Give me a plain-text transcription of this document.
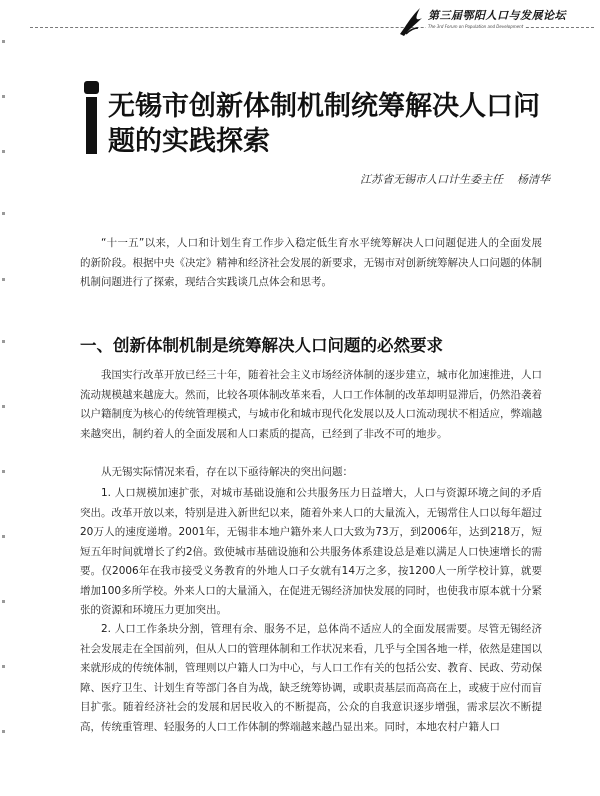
第三届鄂阳人口与发展论坛
The 3rd Forum on Population and Development
无锡市创新体制机制统筹解决人口问题的实践探索
江苏省无锡市人口计生委主任 杨清华

“十一五”以来，人口和计划生育工作步入稳定低生育水平统筹解决人口问题促进人的全面发展的新阶段。根据中央《决定》精神和经济社会发展的新要求，无锡市对创新统筹解决人口问题的体制机制问题进行了探索，现结合实践谈几点体会和思考。

一、创新体制机制是统筹解决人口问题的必然要求

我国实行改革开放已经三十年，随着社会主义市场经济体制的逐步建立，城市化加速推进，人口流动规模越来越庞大。然而，比较各项体制改革来看，人口工作体制的改革却明显滞后，仍然沿袭着以户籍制度为核心的传统管理模式，与城市化和城市现代化发展以及人口流动现状不相适应，弊端越来越突出，制约着人的全面发展和人口素质的提高，已经到了非改不可的地步。

从无锡实际情况来看，存在以下亟待解决的突出问题：

1. 人口规模加速扩张，对城市基础设施和公共服务压力日益增大，人口与资源环境之间的矛盾突出。改革开放以来，特别是进入新世纪以来，随着外来人口的大量流入，无锡常住人口以每年超过20万人的速度递增。2001年，无锡非本地户籍外来人口大致为73万，到2006年，达到218万，短短五年时间就增长了约2倍。致使城市基础设施和公共服务体系建设总是难以满足人口快速增长的需要。仅2006年在我市接受义务教育的外地人口子女就有14万之多，按1200人一所学校计算，就要增加100多所学校。外来人口的大量涌入，在促进无锡经济加快发展的同时，也使我市原本就十分紧张的资源和环境压力更加突出。

2. 人口工作条块分割，管理有余、服务不足，总体尚不适应人的全面发展需要。尽管无锡经济社会发展走在全国前列，但从人口的管理体制和工作状况来看，几乎与全国各地一样，依然是建国以来就形成的传统体制，管理则以户籍人口为中心，与人口工作有关的包括公安、教育、民政、劳动保障、医疗卫生、计划生育等部门各自为战，缺乏统筹协调，或职责基层而高高在上，或疲于应付而盲目扩张。随着经济社会的发展和居民收入的不断提高，公众的自我意识逐步增强，需求层次不断提高，传统重管理、轻服务的人口工作体制的弊端越来越凸显出来。同时，本地农村户籍人口
